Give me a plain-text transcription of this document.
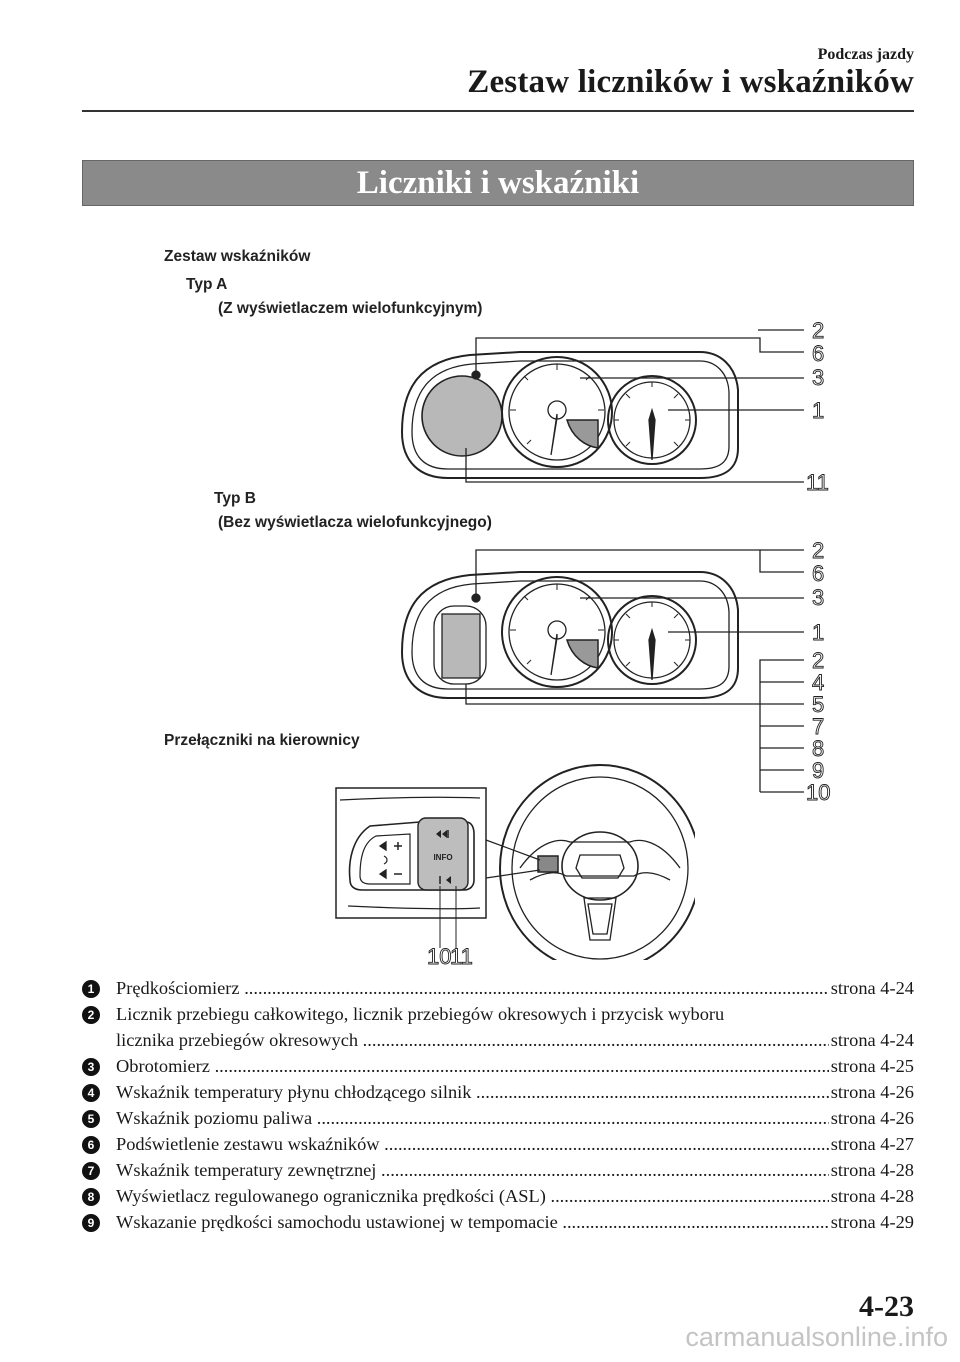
Podczas jazdy
Zestaw liczników i wskaźników
Liczniki i wskaźniki
Zestaw wskaźników
Typ A
(Z wyświetlaczem wielofunkcyjnym)
Typ B
(Bez wyświetlacza wielofunkcyjnego)
Przełączniki na kierownicy
INFO
2
6
3
1
11
2
6
3
1
2
4
5
7
8
9
10
10
11
1	Prędkościomierz .....	strona 4-24
2	Licznik przebiegu całkowitego, licznik przebiegów okresowych i przycisk wyboru
licznika przebiegów okresowych .....	strona 4-24
3	Obrotomierz .....	strona 4-25
4	Wskaźnik temperatury płynu chłodzącego silnik .....	strona 4-26
5	Wskaźnik poziomu paliwa .....	strona 4-26
6	Podświetlenie zestawu wskaźników .....	strona 4-27
7	Wskaźnik temperatury zewnętrznej .....	strona 4-28
8	Wyświetlacz regulowanego ogranicznika prędkości (ASL) .....	strona 4-28
9	Wskazanie prędkości samochodu ustawionej w tempomacie .....	strona 4-29
4-23
carmanualsonline.info
